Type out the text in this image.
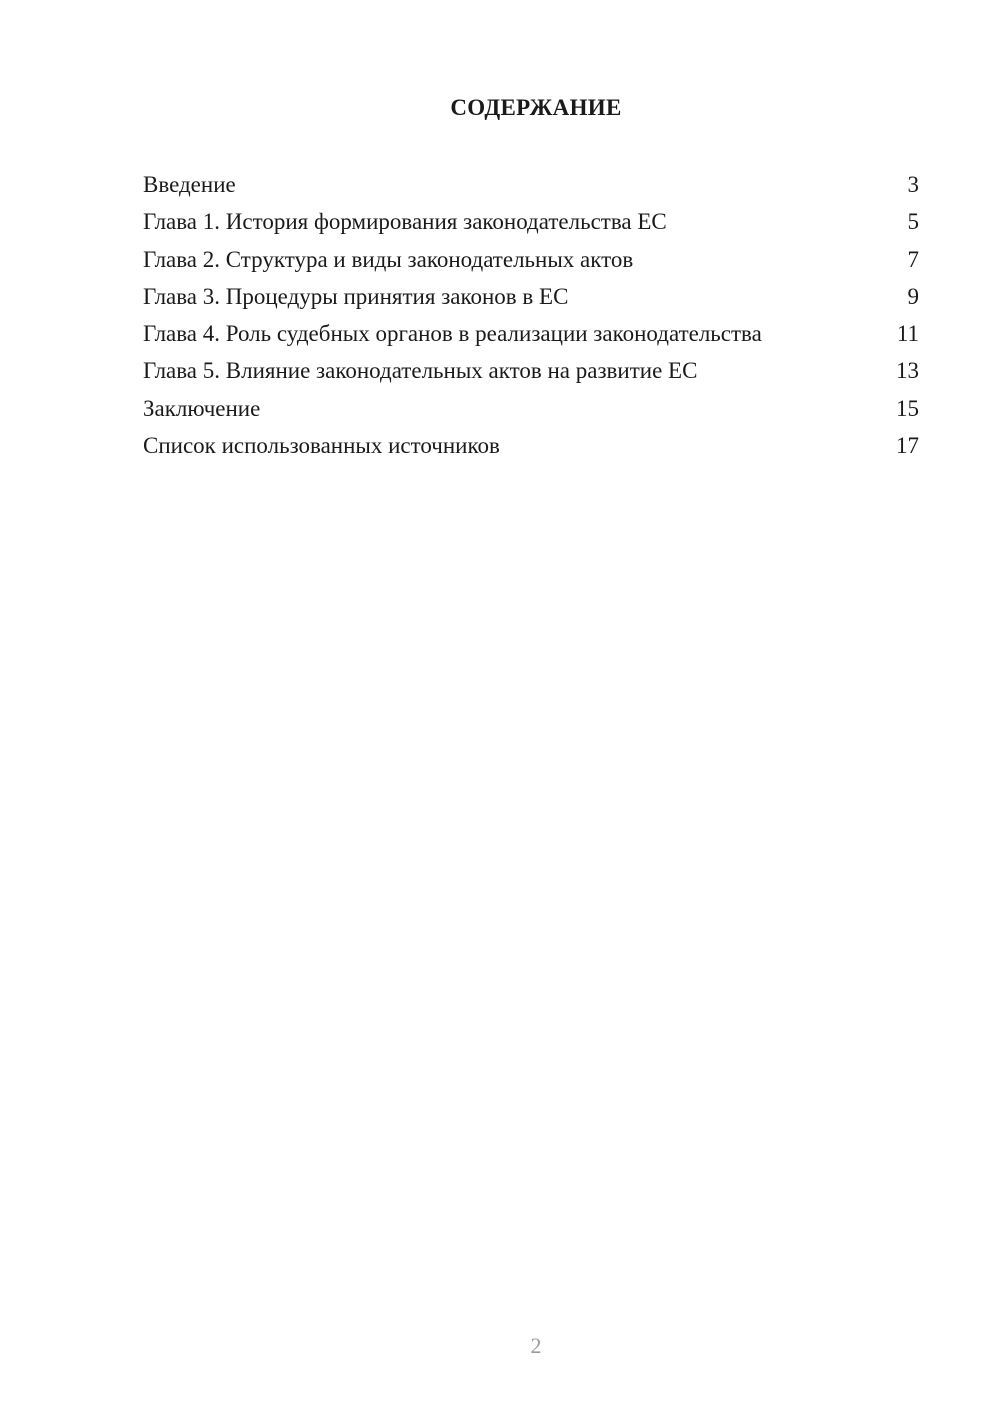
СОДЕРЖАНИЕ
Введение	3
Глава 1. История формирования законодательства ЕС	5
Глава 2. Структура и виды законодательных актов	7
Глава 3. Процедуры принятия законов в ЕС	9
Глава 4. Роль судебных органов в реализации законодательства	11
Глава 5. Влияние законодательных актов на развитие ЕС	13
Заключение	15
Список использованных источников	17
2
